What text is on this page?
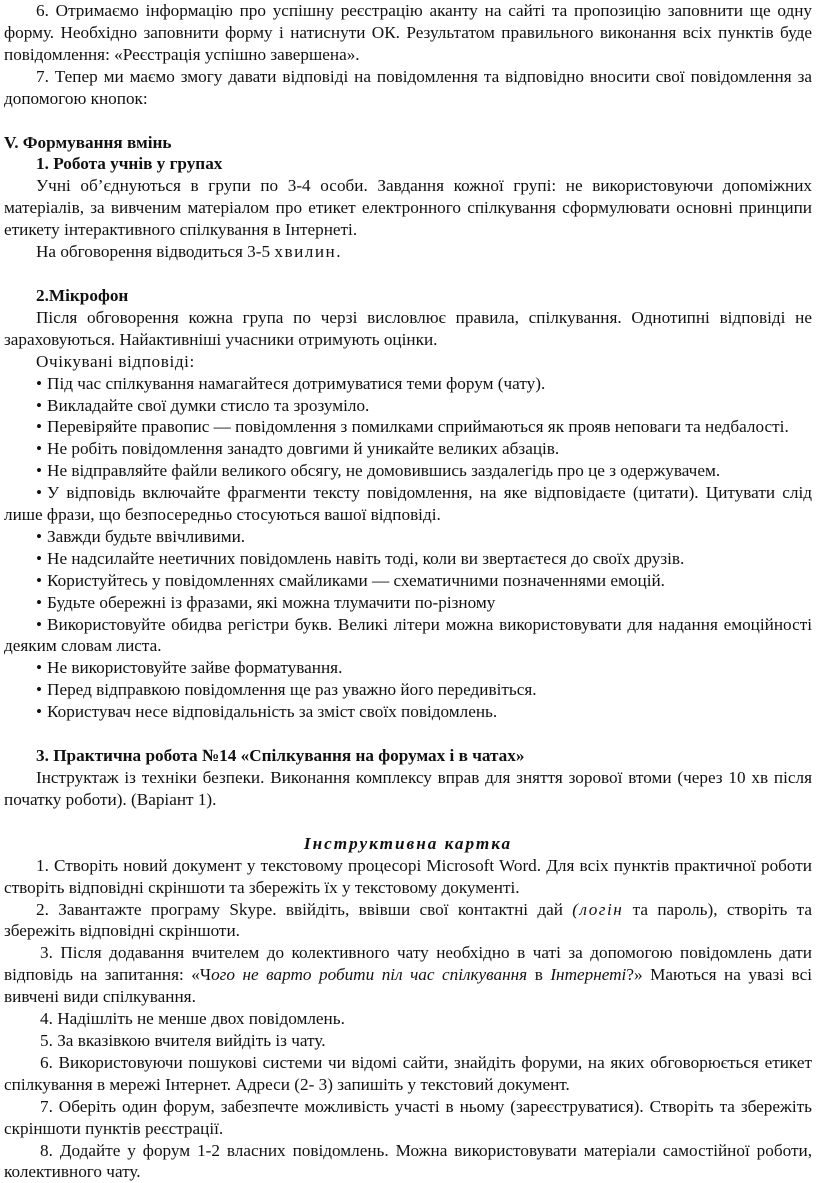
6. Отримаємо інформацію про успішну реєстрацію аканту на сайті та пропозицію заповнити ще одну форму. Необхідно заповнити форму і натиснути ОК. Результатом правильного виконання всіх пунктів буде повідомлення: «Реєстрація успішно завершена».

7. Тепер ми маємо змогу давати відповіді на повідомлення та відповідно вносити свої повідомлення за допомогою кнопок:

V. Формування вмінь

1. Робота учнів у групах

Учні об’єднуються в групи по 3-4 особи. Завдання кожної групі: не використовуючи допоміжних матеріалів, за вивченим матеріалом про етикет електронного спілкування сформулювати основні принципи етикету інтерактивного спілкування в Інтернеті.

На обговорення відводиться 3-5 хвилин.

2.Мікрофон

Після обговорення кожна група по черзі висловлює правила, спілкування. Однотипні відповіді не зараховуються. Найактивніші учасники отримують оцінки.

Очікувані відповіді:

• Під час спілкування намагайтеся дотримуватися теми форум (чату).

• Викладайте свої думки стисло та зрозуміло.

• Перевіряйте правопис — повідомлення з помилками сприймаються як прояв неповаги та недбалості.

• Не робіть повідомлення занадто довгими й уникайте великих абзаців.

• Не відправляйте файли великого обсягу, не домовившись заздалегідь про це з одержувачем.

• У відповідь включайте фрагменти тексту повідомлення, на яке відповідаєте (цитати). Цитувати слід лише фрази, що безпосередньо стосуються вашої відповіді.

• Завжди будьте ввічливими.

• Не надсилайте неетичних повідомлень навіть тоді, коли ви звертаєтеся до своїх друзів.

• Користуйтесь у повідомленнях смайликами — схематичними позначеннями емоцій.

• Будьте обережні із фразами, які можна тлумачити по-різному

• Використовуйте обидва регістри букв. Великі літери можна використовувати для надання емоційності деяким словам листа.

• Не використовуйте зайве форматування.

• Перед відправкою повідомлення ще раз уважно його передивіться.

• Користувач несе відповідальність за зміст своїх повідомлень.

3. Практична робота №14 «Спілкування на форумах і в чатах»

Інструктаж із техніки безпеки. Виконання комплексу вправ для зняття зорової втоми (через 10 хв після початку роботи). (Варіант 1).

Інструктивна картка

1. Створіть новий документ у текстовому процесорі Microsoft Word. Для всіх пунктів практичної роботи створіть відповідні скріншоти та збережіть їх у текстовому документі.

2. Завантажте програму Skype. ввійдіть, ввівши свої контактні дай (логін та пароль), створіть та збережіть відповідні скріншоти.

3. Після додавання вчителем до колективного чату необхідно в чаті за допомогою повідомлень дати відповідь на запитання: «Чого не варто робити піл час спілкування в Інтернеті?» Маються на увазі всі вивчені види спілкування.

4. Надішліть не менше двох повідомлень.

5. За вказівкою вчителя вийдіть із чату.

6. Використовуючи пошукові системи чи відомі сайти, знайдіть форуми, на яких обговорюється етикет спілкування в мережі Інтернет. Адреси (2- 3) запишіть у текстовий документ.

7. Оберіть один форум, забезпечте можливість участі в ньому (зареєструватися). Створіть та збережіть скріншоти пунктів реєстрації.

8. Додайте у форум 1-2 власних повідомлень. Можна використовувати матеріали самостійної роботи, колективного чату.
